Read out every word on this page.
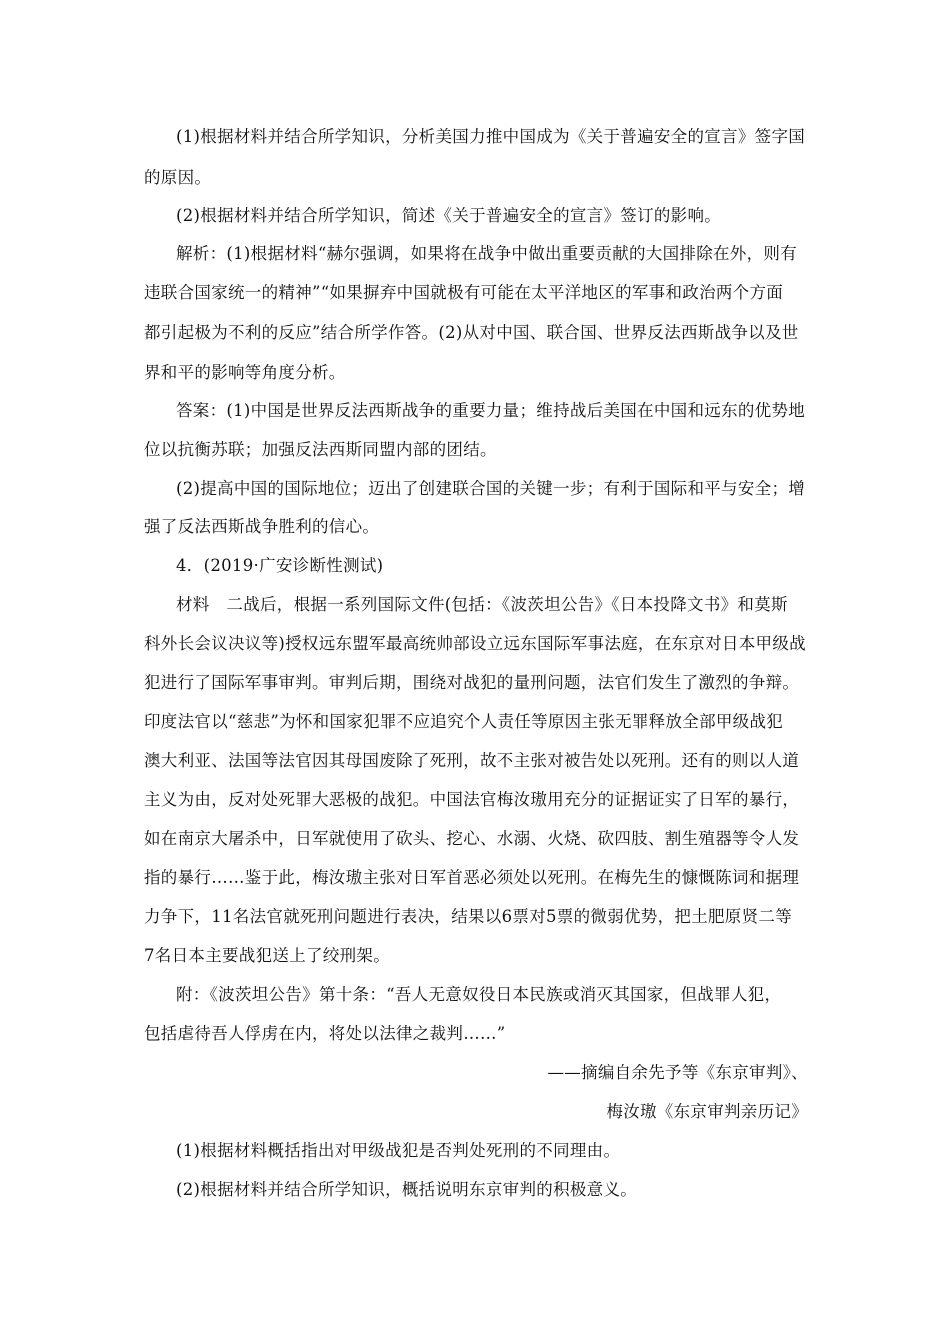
(1)根据材料并结合所学知识，分析美国力推中国成为《关于普遍安全的宣言》签字国
的原因。
(2)根据材料并结合所学知识，简述《关于普遍安全的宣言》签订的影响。
解析：(1)根据材料“赫尔强调，如果将在战争中做出重要贡献的大国排除在外，则有
违联合国家统一的精神”“如果摒弃中国就极有可能在太平洋地区的军事和政治两个方面
都引起极为不利的反应”结合所学作答。(2)从对中国、联合国、世界反法西斯战争以及世
界和平的影响等角度分析。
答案：(1)中国是世界反法西斯战争的重要力量；维持战后美国在中国和远东的优势地
位以抗衡苏联；加强反法西斯同盟内部的团结。
(2)提高中国的国际地位；迈出了创建联合国的关键一步；有利于国际和平与安全；增
强了反法西斯战争胜利的信心。
4．(2019·广安诊断性测试)
材料　二战后，根据一系列国际文件(包括：《波茨坦公告》《日本投降文书》和莫斯
科外长会议决议等)授权远东盟军最高统帅部设立远东国际军事法庭，在东京对日本甲级战
犯进行了国际军事审判。审判后期，围绕对战犯的量刑问题，法官们发生了激烈的争辩。
印度法官以“慈悲”为怀和国家犯罪不应追究个人责任等原因主张无罪释放全部甲级战犯
澳大利亚、法国等法官因其母国废除了死刑，故不主张对被告处以死刑。还有的则以人道
主义为由，反对处死罪大恶极的战犯。中国法官梅汝璈用充分的证据证实了日军的暴行，
如在南京大屠杀中，日军就使用了砍头、挖心、水溺、火烧、砍四肢、割生殖器等令人发
指的暴行……鉴于此，梅汝璈主张对日军首恶必须处以死刑。在梅先生的慷慨陈词和据理
力争下，11名法官就死刑问题进行表决，结果以6票对5票的微弱优势，把土肥原贤二等
7名日本主要战犯送上了绞刑架。
附：《波茨坦公告》第十条：“吾人无意奴役日本民族或消灭其国家，但战罪人犯，
包括虐待吾人俘虏在内，将处以法律之裁判……”
——摘编自余先予等《东京审判》、
梅汝璈《东京审判亲历记》
(1)根据材料概括指出对甲级战犯是否判处死刑的不同理由。
(2)根据材料并结合所学知识，概括说明东京审判的积极意义。
